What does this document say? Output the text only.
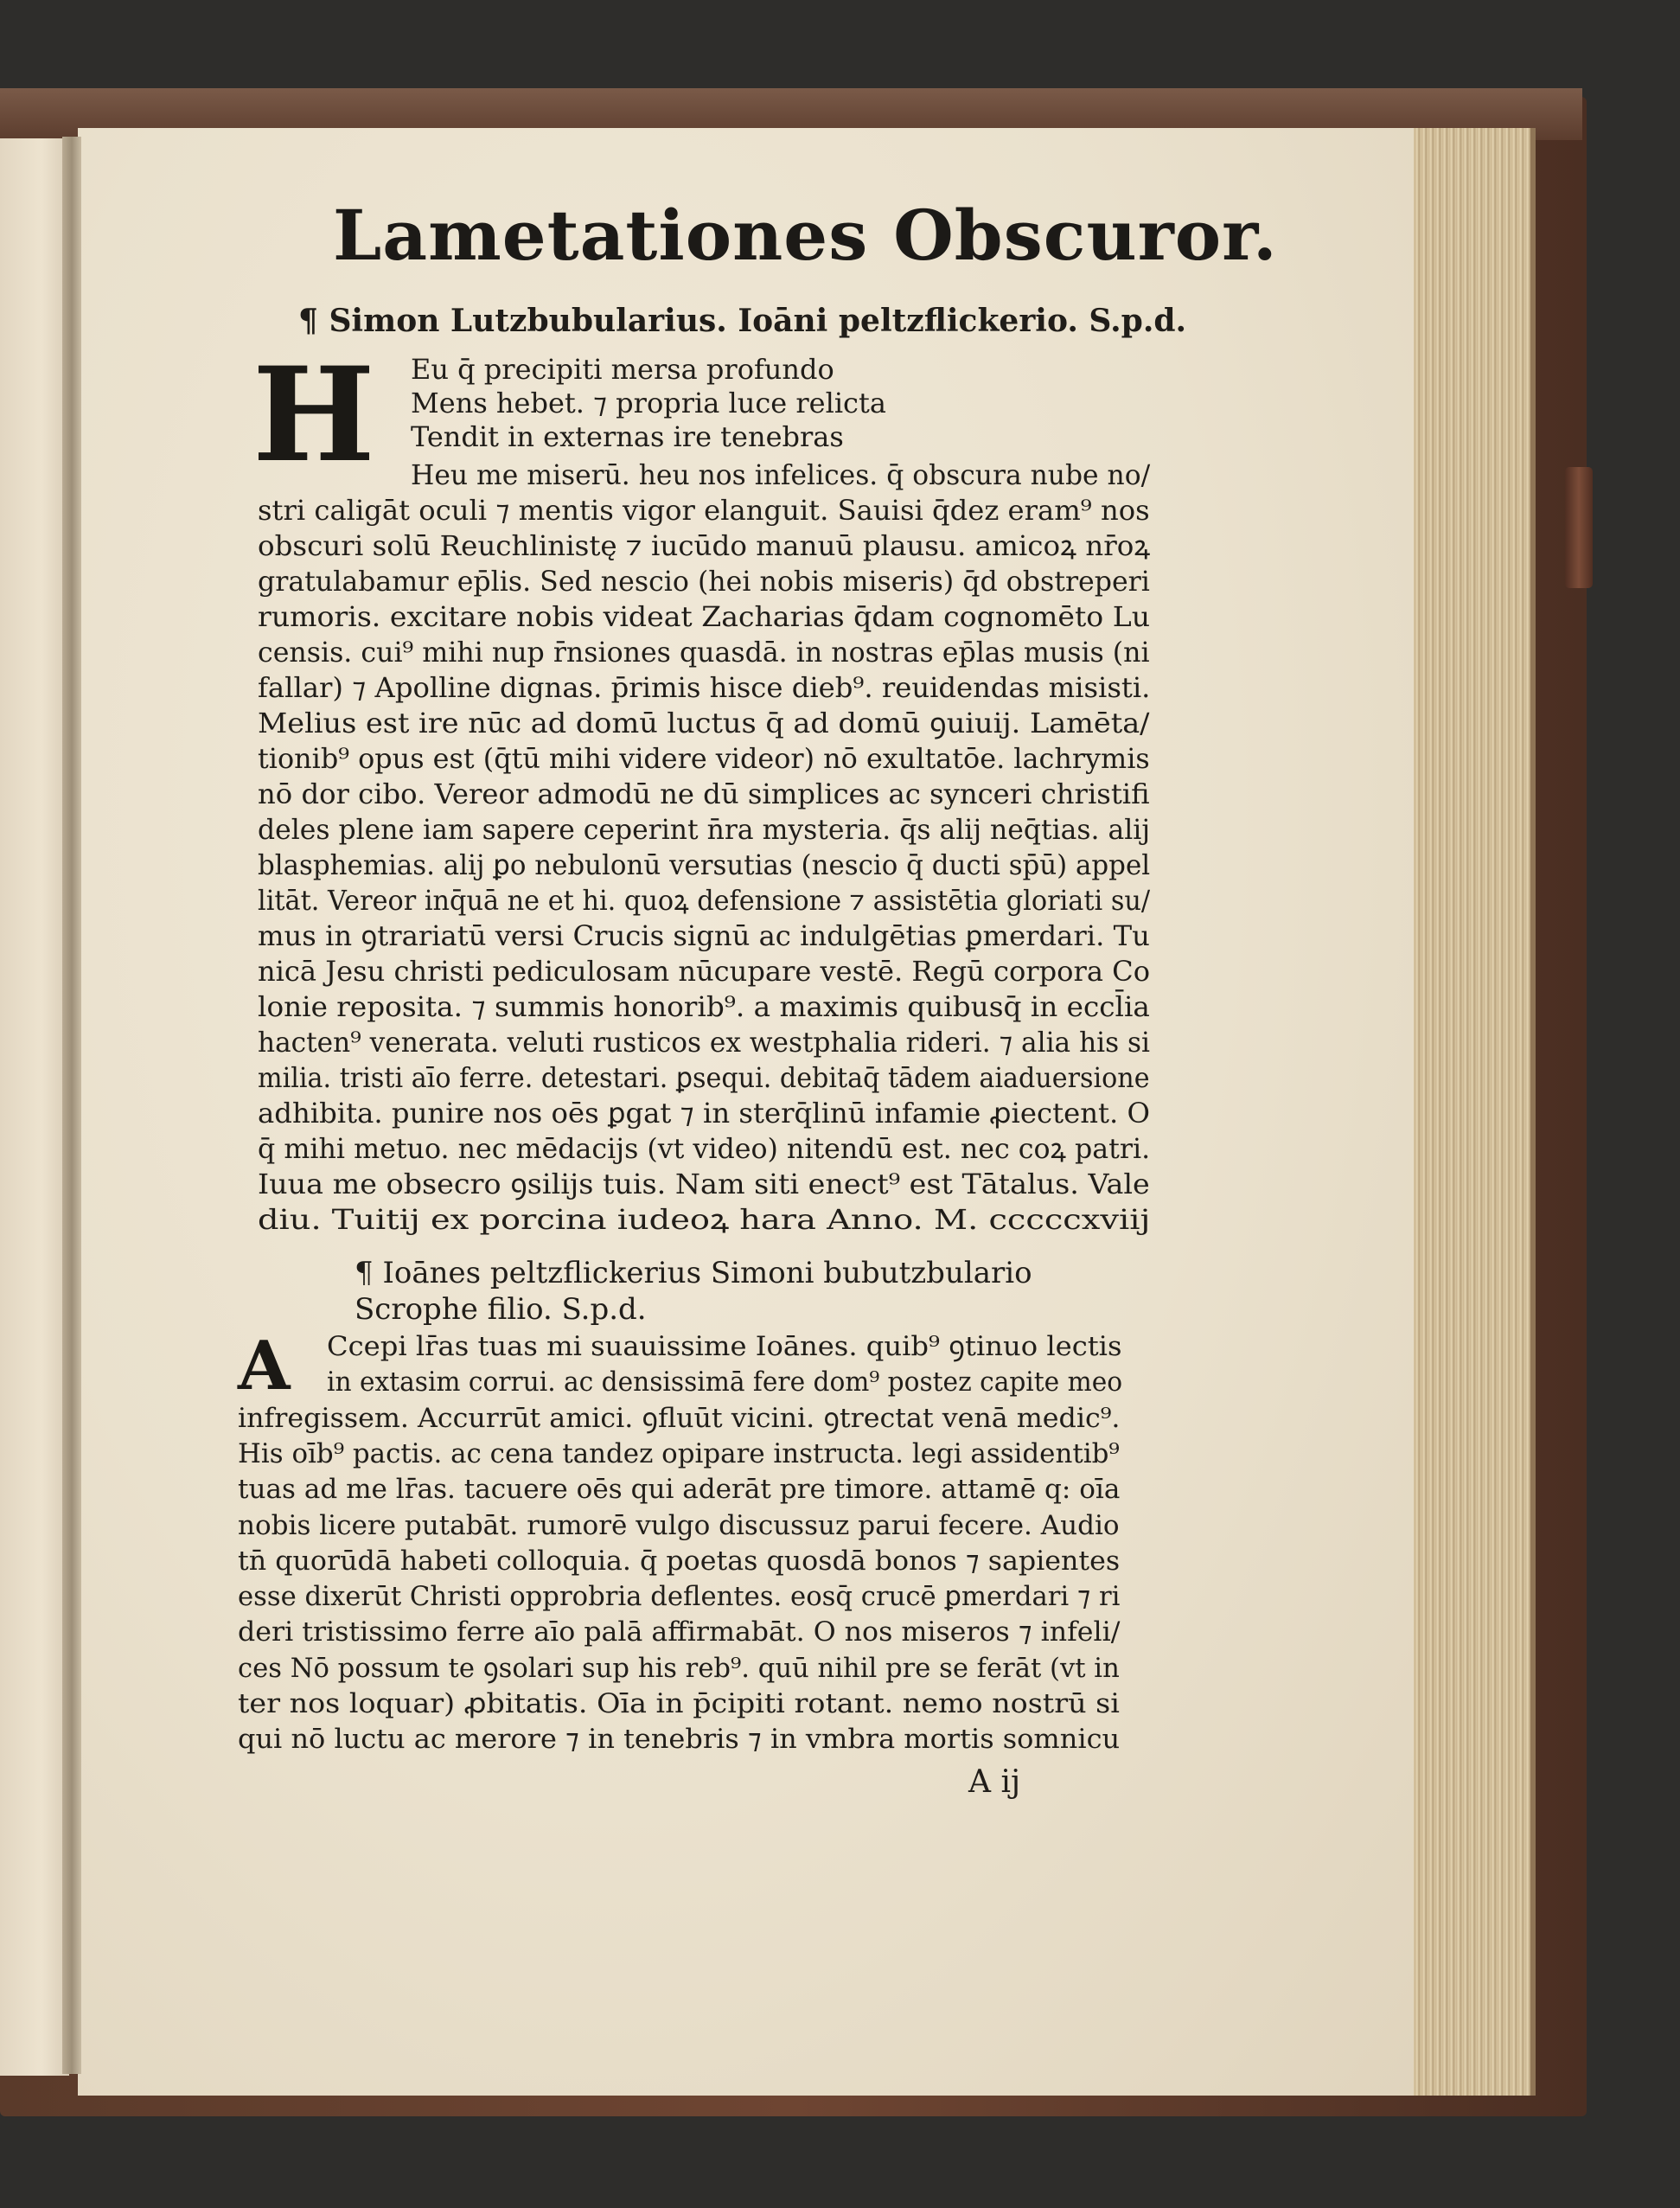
Lametationes Obscuror.
¶ Simon Lutzbubularius. Ioāni peltzflickerio. S.p.d.
H Eu q̄ precipiti mersa profundo
Mens hebet. ⁊ propria luce relicta
Tendit in externas ire tenebras
Heu me miserū. heu nos infelices. q̄ obscura nube no/
stri caligāt oculi ⁊ mentis vigor elanguit. Sauisi q̄dez eram⁹ nos
obscuri solū Reuchlinistę ⁊ iucūdo manuū plausu. amicoꝝ nr̄oꝝ
gratulabamur ep̄lis. Sed nescio (hei nobis miseris) q̄d obstreperi
rumoris. excitare nobis videat Zacharias q̄dam cognomēto Lu
censis. cui⁹ mihi nup r̄nsiones quasdā. in nostras ep̄las musis (ni
fallar) ⁊ Apolline dignas. p̄rimis hisce dieb⁹. reuidendas misisti.
Melius est ire nūc ad domū luctus q̄ ad domū ꝯuiuij. Lamēta/
tionib⁹ opus est (q̄tū mihi videre videor) nō exultatōe. lachrymis
nō dor cibo. Vereor admodū ne dū simplices ac synceri christifi
deles plene iam sapere ceperint n̄ra mysteria. q̄s alij neq̄tias. alij
blasphemias. alij ꝑo nebulonū versutias (nescio q̄ ducti sp̄ū) appel
litāt. Vereor inq̄uā ne et hi. quoꝝ defensione ⁊ assistētia gloriati su/
mus in ꝯtrariatū versi Crucis signū ac indulgētias ꝑmerdari. Tu
nicā Jesu christi pediculosam nūcupare vestē. Regū corpora Co
lonie reposita. ⁊ summis honorib⁹. a maximis quibusq̄ in eccl̄ia
hacten⁹ venerata. veluti rusticos ex westphalia rideri. ⁊ alia his si
milia. tristi aīo ferre. detestari. ꝑsequi. debitaq̄ tādem aiaduersione
adhibita. punire nos oēs ꝑgat ⁊ in sterq̄linū infamie ꝓiectent. O
q̄ mihi metuo. nec mēdacijs (vt video) nitendū est. nec coꝝ patri.
Iuua me obsecro ꝯsilijs tuis. Nam siti enect⁹ est Tātalus. Vale
diu. Tuitij ex porcina iudeoꝝ hara Anno. M. cccccxviij
¶ Ioānes peltzflickerius Simoni bubutzbulario
Scrophe filio. S.p.d.
A Ccepi lr̄as tuas mi suauissime Ioānes. quib⁹ ꝯtinuo lectis
in extasim corrui. ac densissimā fere dom⁹ postez capite meo
infregissem. Accurrūt amici. ꝯfluūt vicini. ꝯtrectat venā medic⁹.
His oīb⁹ pactis. ac cena tandez opipare instructa. legi assidentib⁹
tuas ad me lr̄as. tacuere oēs qui aderāt pre timore. attamē q: oīa
nobis licere putabāt. rumorē vulgo discussuz parui fecere. Audio
tn̄ quorūdā habeti colloquia. q̄ poetas quosdā bonos ⁊ sapientes
esse dixerūt Christi opprobria deflentes. eosq̄ crucē ꝑmerdari ⁊ ri
deri tristissimo ferre aīo palā affirmabāt. O nos miseros ⁊ infeli/
ces Nō possum te ꝯsolari sup his reb⁹. quū nihil pre se ferāt (vt in
ter nos loquar) ꝓbitatis. Oīa in p̄cipiti rotant. nemo nostrū si
qui nō luctu ac merore ⁊ in tenebris ⁊ in vmbra mortis somnicu
A ij
